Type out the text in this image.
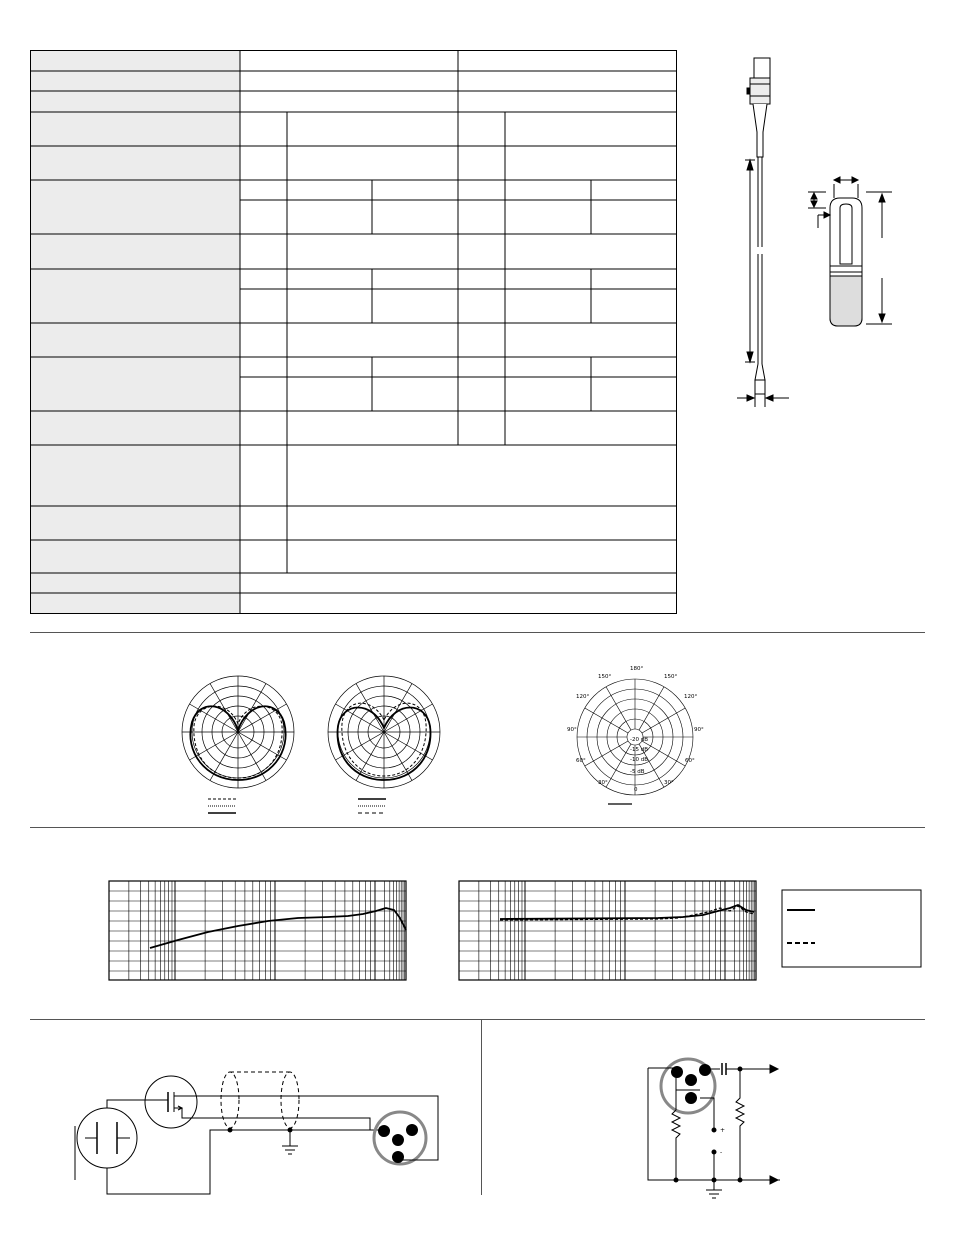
180°
150°	150°
120°	120°
90°	90°
60°	60°
30°
0
30°
-20 dB
-15 dB
-10 dB
-5 dB
+
-
